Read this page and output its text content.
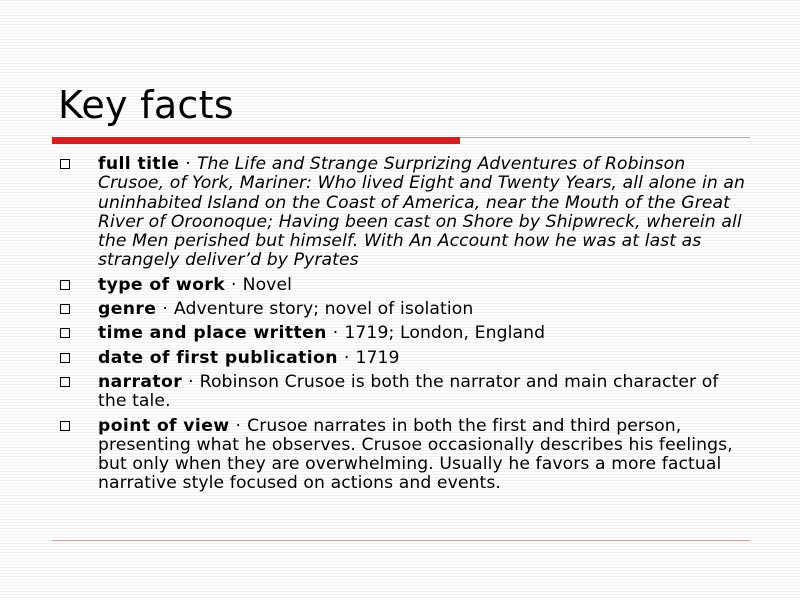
Key facts
full title · The Life and Strange Surprizing Adventures of Robinson Crusoe, of York, Mariner: Who lived Eight and Twenty Years, all alone in an uninhabited Island on the Coast of America, near the Mouth of the Great River of Oroonoque; Having been cast on Shore by Shipwreck, wherein all the Men perished but himself. With An Account how he was at last as strangely deliver’d by Pyrates
type of work · Novel
genre · Adventure story; novel of isolation
time and place written · 1719; London, England
date of first publication · 1719
narrator · Robinson Crusoe is both the narrator and main character of the tale.
point of view · Crusoe narrates in both the first and third person, presenting what he observes. Crusoe occasionally describes his feelings, but only when they are overwhelming. Usually he favors a more factual narrative style focused on actions and events.
